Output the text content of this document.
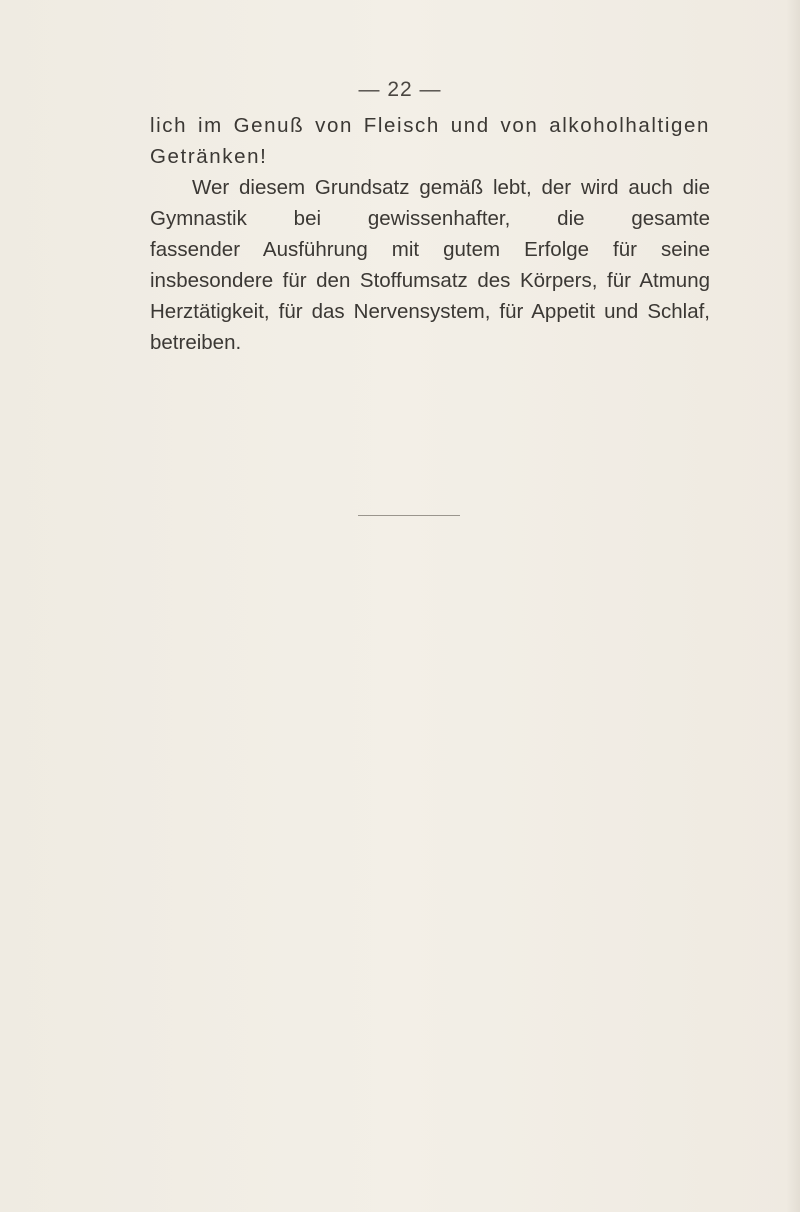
— 22 —
lich im Genuß von Fleisch und von alkoholhaltigen
Getränken!
Wer diesem Grundsatz gemäß lebt, der wird auch die
Gymnastik bei gewissenhafter, die gesamte
fassender Ausführung mit gutem Erfolge für seine
insbesondere für den Stoffumsatz des Körpers, für Atmung
Herztätigkeit, für das Nervensystem, für Appetit und Schlaf,
betreiben.
